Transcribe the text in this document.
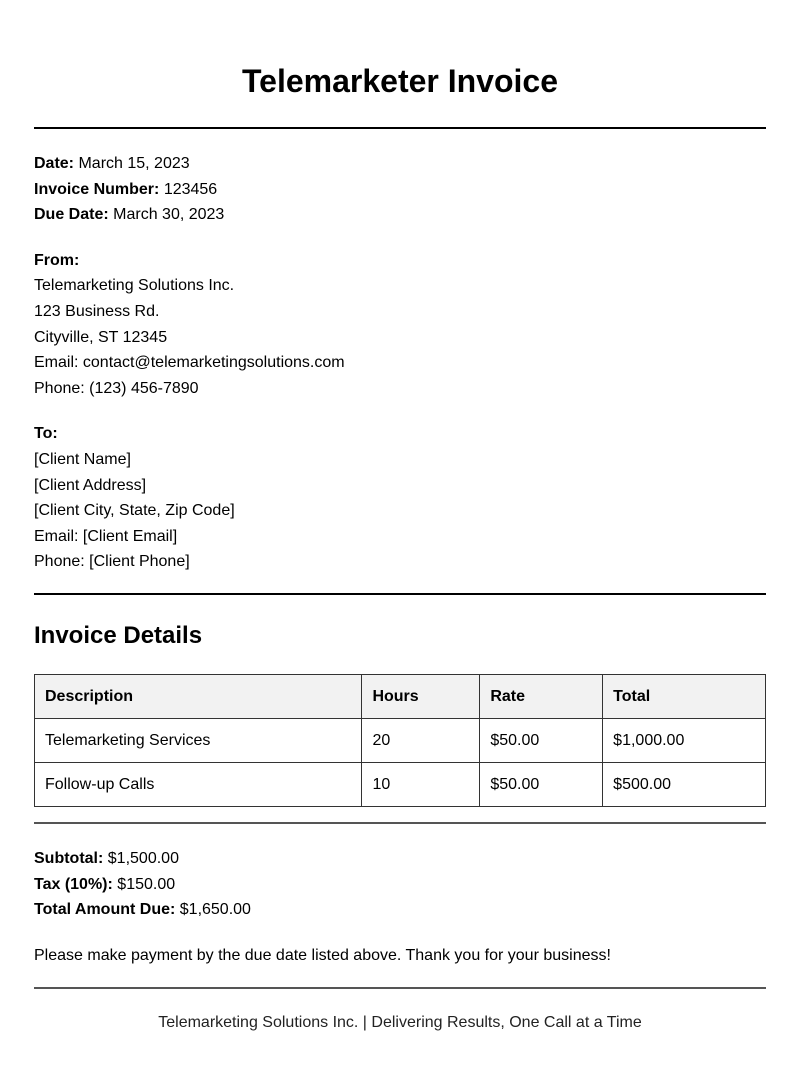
Telemarketer Invoice
Date: March 15, 2023
Invoice Number: 123456
Due Date: March 30, 2023
From:
Telemarketing Solutions Inc.
123 Business Rd.
Cityville, ST 12345
Email: contact@telemarketingsolutions.com
Phone: (123) 456-7890
To:
[Client Name]
[Client Address]
[Client City, State, Zip Code]
Email: [Client Email]
Phone: [Client Phone]
Invoice Details
Description	Hours	Rate	Total
Telemarketing Services	20	$50.00	$1,000.00
Follow-up Calls	10	$50.00	$500.00
Subtotal: $1,500.00
Tax (10%): $150.00
Total Amount Due: $1,650.00
Please make payment by the due date listed above. Thank you for your business!
Telemarketing Solutions Inc. | Delivering Results, One Call at a Time
